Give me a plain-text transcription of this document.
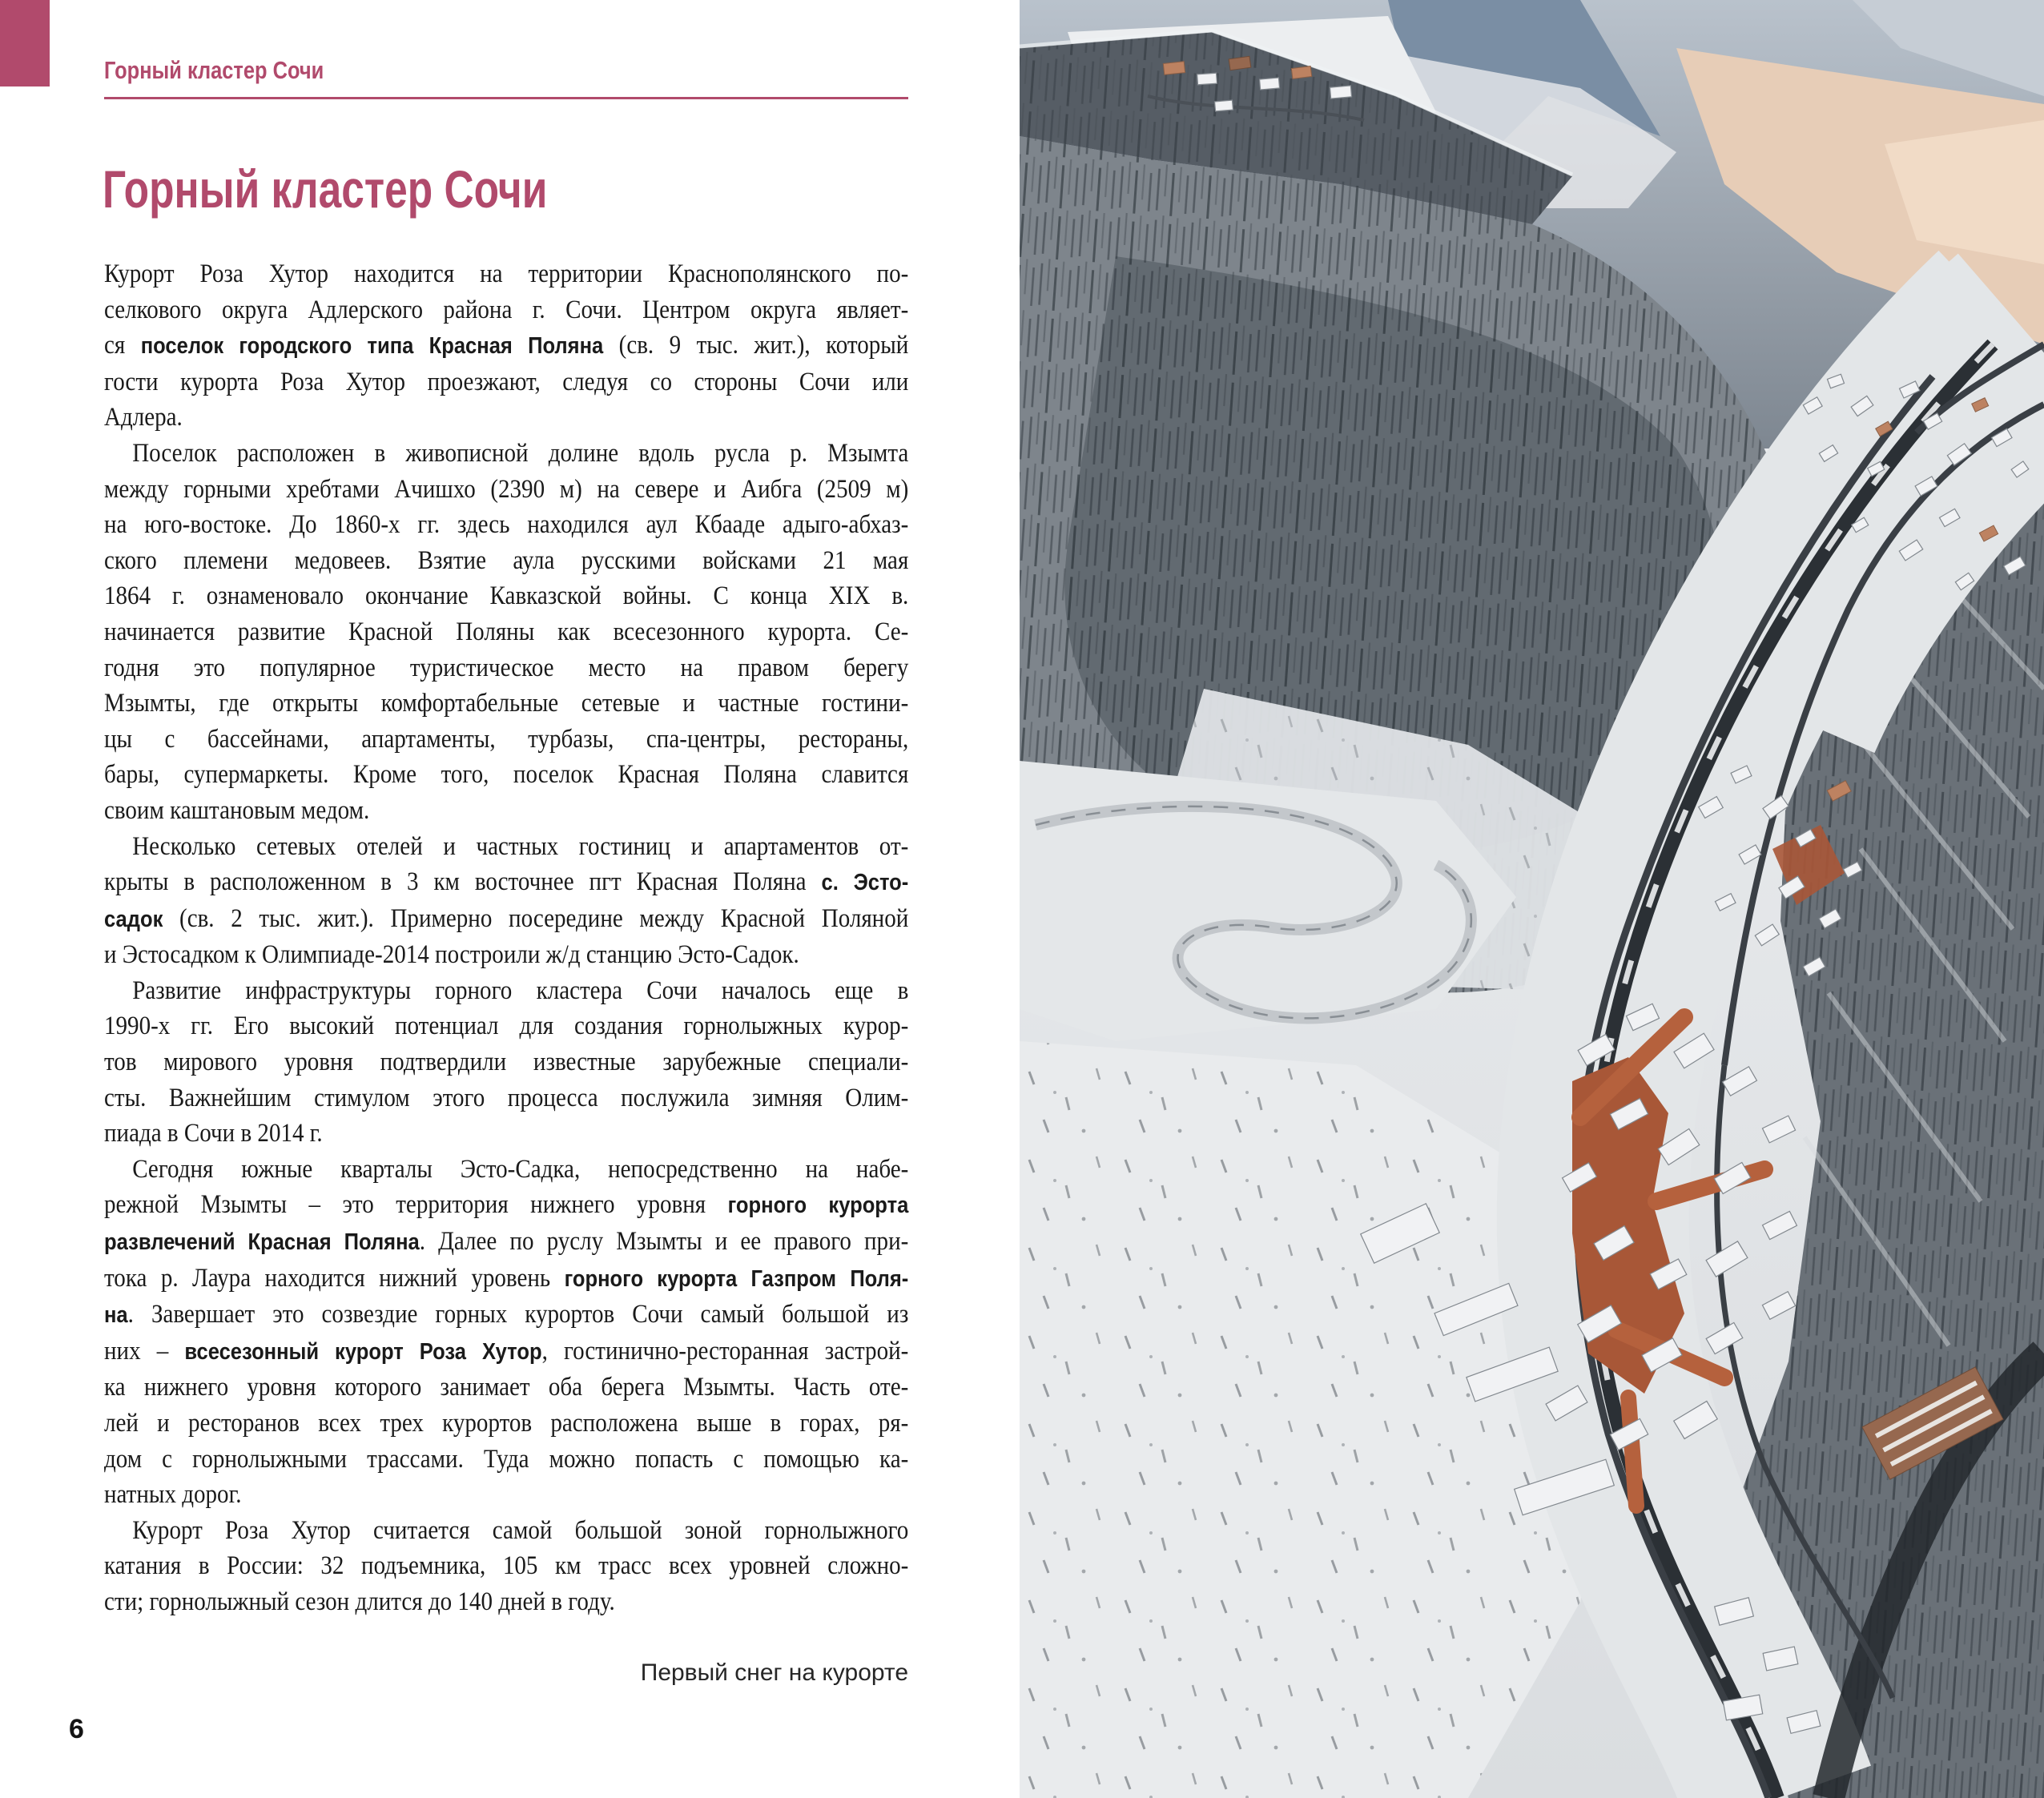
Горный кластер Сочи
Горный кластер Сочи
Курорт Роза Хутор находится на территории Краснополянского по-
селкового округа Адлерского района г. Сочи. Центром округа являет-
ся поселок городского типа Красная Поляна (св. 9 тыс. жит.), который
гости курорта Роза Хутор проезжают, следуя со стороны Сочи или
Адлера.
Поселок расположен в живописной долине вдоль русла р. Мзымта
между горными хребтами Ачишхо (2390 м) на севере и Аибга (2509 м)
на юго-востоке. До 1860-х гг. здесь находился аул Кбааде адыго-абхаз-
ского племени медовеев. Взятие аула русскими войсками 21 мая
1864 г. ознаменовало окончание Кавказской войны. С конца XIX в.
начинается развитие Красной Поляны как всесезонного курорта. Се-
годня это популярное туристическое место на правом берегу
Мзымты, где открыты комфортабельные сетевые и частные гостини-
цы с бассейнами, апартаменты, турбазы, спа-центры, рестораны,
бары, супермаркеты. Кроме того, поселок Красная Поляна славится
своим каштановым медом.
Несколько сетевых отелей и частных гостиниц и апартаментов от-
крыты в расположенном в 3 км восточнее пгт Красная Поляна с. Эсто-
садок (св. 2 тыс. жит.). Примерно посередине между Красной Поляной
и Эстосадком к Олимпиаде-2014 построили ж/д станцию Эсто-Садок.
Развитие инфраструктуры горного кластера Сочи началось еще в
1990-х гг. Его высокий потенциал для создания горнолыжных курор-
тов мирового уровня подтвердили известные зарубежные специали-
сты. Важнейшим стимулом этого процесса послужила зимняя Олим-
пиада в Сочи в 2014 г.
Сегодня южные кварталы Эсто-Садка, непосредственно на набе-
режной Мзымты – это территория нижнего уровня горного курорта
развлечений Красная Поляна. Далее по руслу Мзымты и ее правого при-
тока р. Лаура находится нижний уровень горного курорта Газпром Поля-
на. Завершает это созвездие горных курортов Сочи самый большой из
них – всесезонный курорт Роза Хутор, гостинично-ресторанная застрой-
ка нижнего уровня которого занимает оба берега Мзымты. Часть оте-
лей и ресторанов всех трех курортов расположена выше в горах, ря-
дом с горнолыжными трассами. Туда можно попасть с помощью ка-
натных дорог.
Курорт Роза Хутор считается самой большой зоной горнолыжного
катания в России: 32 подъемника, 105 км трасс всех уровней сложно-
сти; горнолыжный сезон длится до 140 дней в году.
Первый снег на курорте
6
